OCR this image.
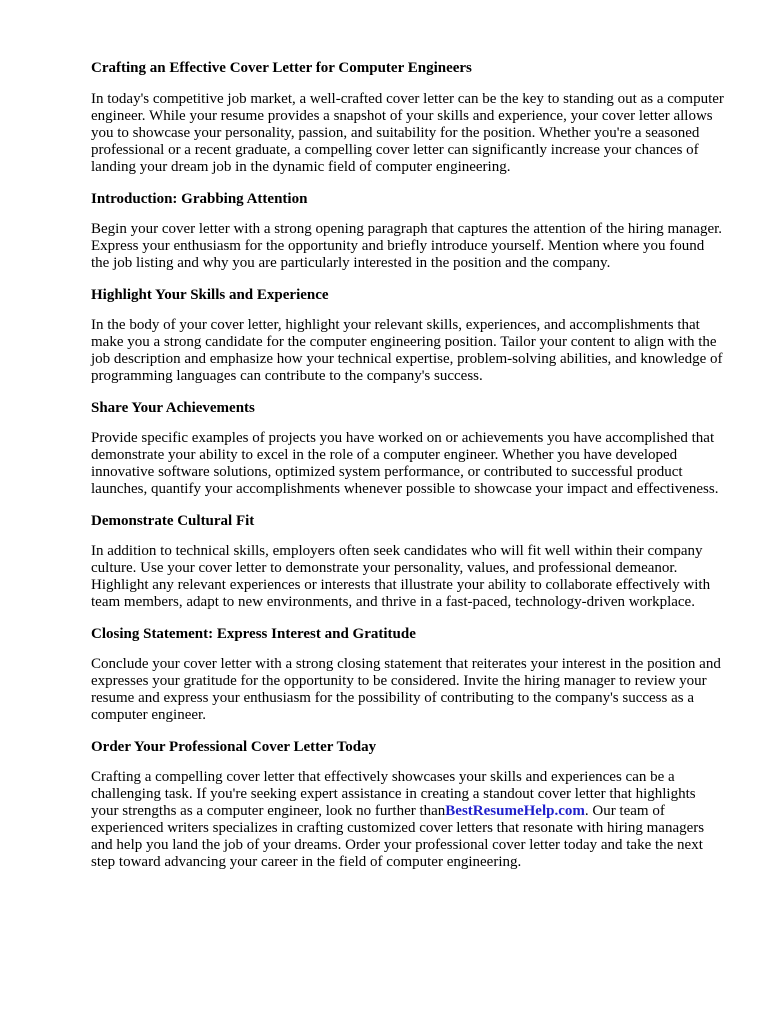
Crafting an Effective Cover Letter for Computer Engineers
In today's competitive job market, a well-crafted cover letter can be the key to standing out as a computer engineer. While your resume provides a snapshot of your skills and experience, your cover letter allows you to showcase your personality, passion, and suitability for the position. Whether you're a seasoned professional or a recent graduate, a compelling cover letter can significantly increase your chances of landing your dream job in the dynamic field of computer engineering.
Introduction: Grabbing Attention
Begin your cover letter with a strong opening paragraph that captures the attention of the hiring manager. Express your enthusiasm for the opportunity and briefly introduce yourself. Mention where you found the job listing and why you are particularly interested in the position and the company.
Highlight Your Skills and Experience
In the body of your cover letter, highlight your relevant skills, experiences, and accomplishments that make you a strong candidate for the computer engineering position. Tailor your content to align with the job description and emphasize how your technical expertise, problem-solving abilities, and knowledge of programming languages can contribute to the company's success.
Share Your Achievements
Provide specific examples of projects you have worked on or achievements you have accomplished that demonstrate your ability to excel in the role of a computer engineer. Whether you have developed innovative software solutions, optimized system performance, or contributed to successful product launches, quantify your accomplishments whenever possible to showcase your impact and effectiveness.
Demonstrate Cultural Fit
In addition to technical skills, employers often seek candidates who will fit well within their company culture. Use your cover letter to demonstrate your personality, values, and professional demeanor. Highlight any relevant experiences or interests that illustrate your ability to collaborate effectively with team members, adapt to new environments, and thrive in a fast-paced, technology-driven workplace.
Closing Statement: Express Interest and Gratitude
Conclude your cover letter with a strong closing statement that reiterates your interest in the position and expresses your gratitude for the opportunity to be considered. Invite the hiring manager to review your resume and express your enthusiasm for the possibility of contributing to the company's success as a computer engineer.
Order Your Professional Cover Letter Today
Crafting a compelling cover letter that effectively showcases your skills and experiences can be a challenging task. If you're seeking expert assistance in creating a standout cover letter that highlights your strengths as a computer engineer, look no further thanBestResumeHelp.com. Our team of experienced writers specializes in crafting customized cover letters that resonate with hiring managers and help you land the job of your dreams. Order your professional cover letter today and take the next step toward advancing your career in the field of computer engineering.
